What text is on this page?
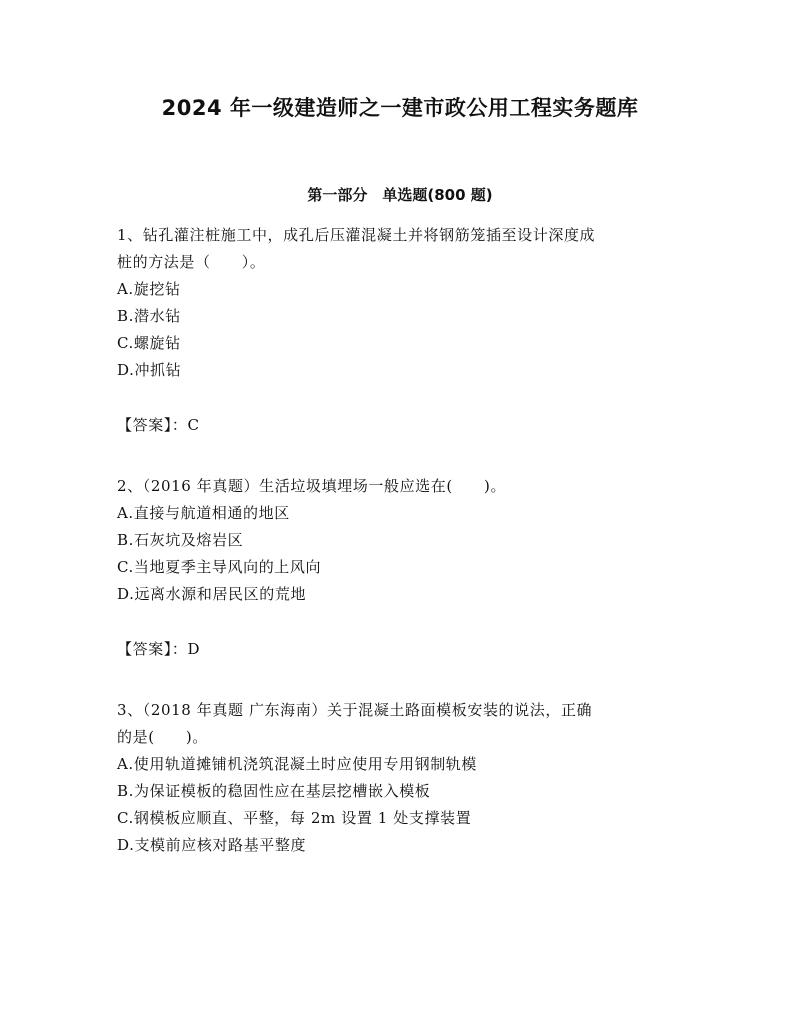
2024 年一级建造师之一建市政公用工程实务题库
第一部分　单选题(800 题)

1、钻孔灌注桩施工中，成孔后压灌混凝土并将钢筋笼插至设计深度成

桩的方法是（　　）。

A.旋挖钻

B.潜水钻

C.螺旋钻

D.冲抓钻

【答案】：C

2、（2016 年真题）生活垃圾填埋场一般应选在(　　)。

A.直接与航道相通的地区

B.石灰坑及熔岩区

C.当地夏季主导风向的上风向

D.远离水源和居民区的荒地

【答案】：D

3、（2018 年真题 广东海南）关于混凝土路面模板安装的说法，正确

的是(　　)。

A.使用轨道摊铺机浇筑混凝土时应使用专用钢制轨模

B.为保证模板的稳固性应在基层挖槽嵌入模板

C.钢模板应顺直、平整，每 2m 设置 1 处支撑装置

D.支模前应核对路基平整度
